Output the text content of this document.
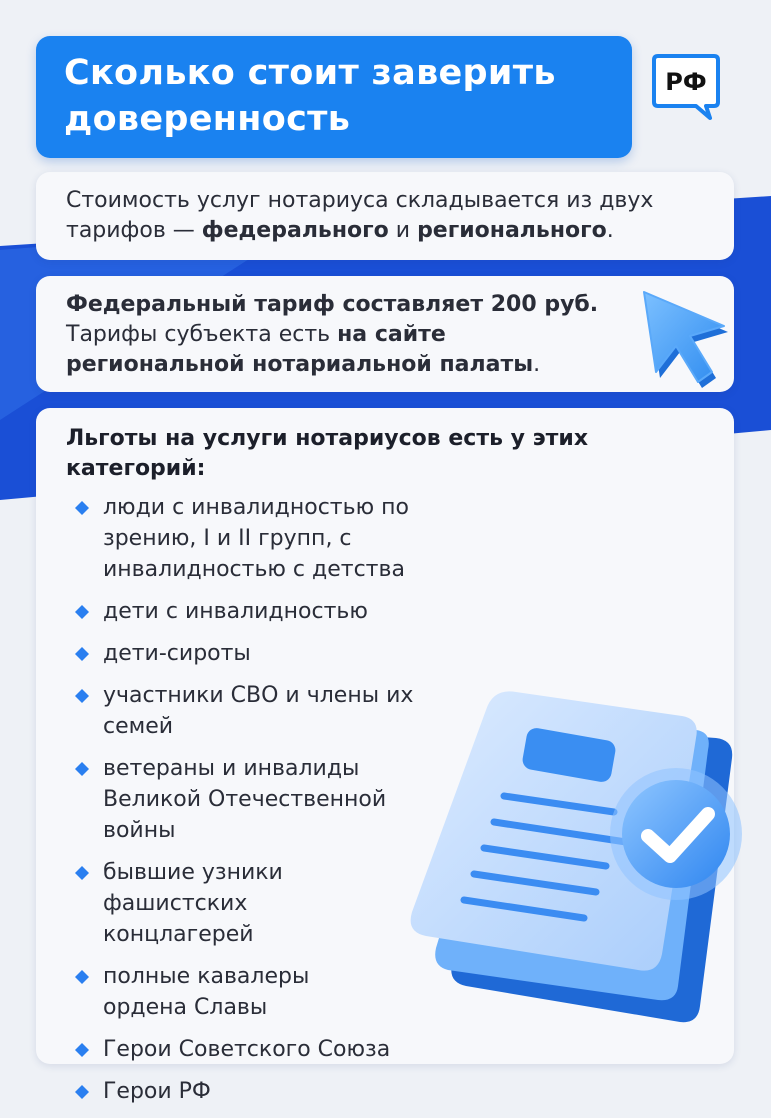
Сколько стоит заверить доверенность
РФ

Стоимость услуг нотариуса складывается из двух тарифов — федерального и регионального.

Федеральный тариф составляет 200 руб. Тарифы субъекта есть на сайте региональной нотариальной палаты.

Льготы на услуги нотариусов есть у этих категорий:

люди с инвалидностью по зрению, I и II групп, с инвалидностью с детства
дети с инвалидностью
дети-сироты
участники СВО и члены их семей
ветераны и инвалиды Великой Отечественной войны
бывшие узники фашистских концлагерей
полные кавалеры ордена Славы
Герои Советского Союза
Герои РФ
